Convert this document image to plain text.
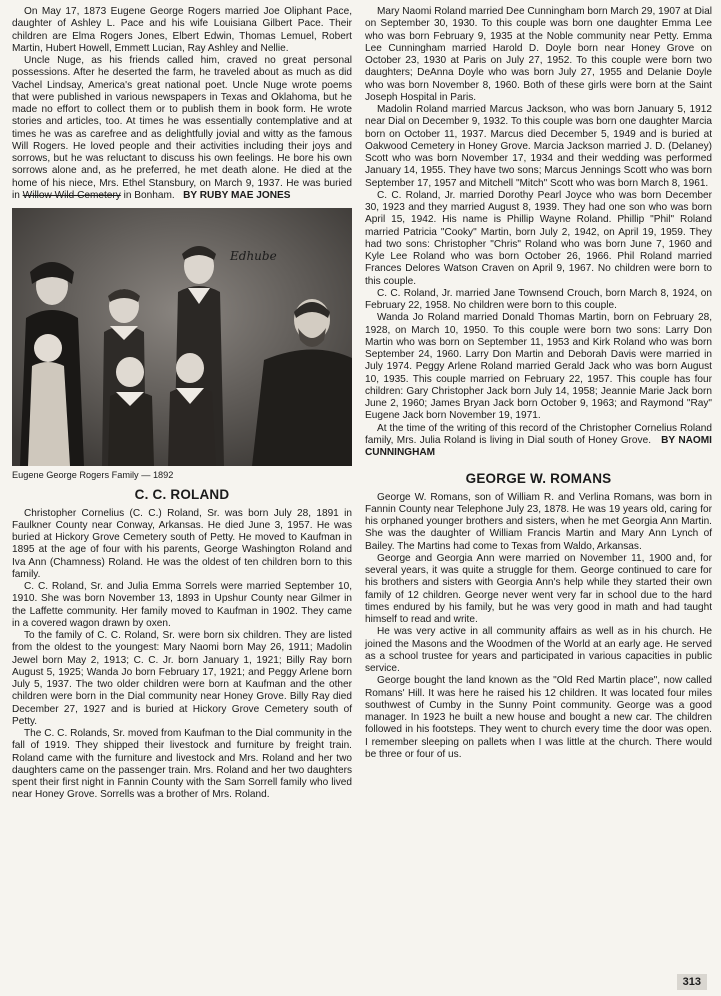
On May 17, 1873 Eugene George Rogers married Joe Oliphant Pace, daughter of Ashley L. Pace and his wife Louisiana Gilbert Pace. Their children are Elma Rogers Jones, Elbert Edwin, Thomas Lemuel, Robert Martin, Hubert Howell, Emmett Lucian, Ray Ashley and Nellie.

Uncle Nuge, as his friends called him, craved no great personal possessions. After he deserted the farm, he traveled about as much as did Vachel Lindsay, America's great national poet. Uncle Nuge wrote poems that were published in various newspapers in Texas and Oklahoma, but he made no effort to collect them or to publish them in book form. He wrote stories and articles, too. At times he was essentially contemplative and at times he was as carefree and as delightfully jovial and witty as the famous Will Rogers. He loved people and their activities including their joys and sorrows, but he was reluctant to discuss his own feelings. He bore his own sorrows alone and, as he preferred, he met death alone. He died at the home of his niece, Mrs. Ethel Stansbury, on March 9, 1937. He was buried in Willow Wild Cemetery in Bonham. BY RUBY MAE JONES

Eugene George Rogers Family — 1892

C. C. ROLAND

Christopher Cornelius (C. C.) Roland, Sr. was born July 28, 1891 in Faulkner County near Conway, Arkansas. He died June 3, 1957. He was buried at Hickory Grove Cemetery south of Petty. He moved to Kaufman in 1895 at the age of four with his parents, George Washington Roland and Iva Ann (Chamness) Roland. He was the oldest of ten children born to this family.

C. C. Roland, Sr. and Julia Emma Sorrels were married September 10, 1910. She was born November 13, 1893 in Upshur County near Gilmer in the Laffette community. Her family moved to Kaufman in 1902. They came in a covered wagon drawn by oxen.

To the family of C. C. Roland, Sr. were born six children. They are listed from the oldest to the youngest: Mary Naomi born May 26, 1911; Madolin Jewel born May 2, 1913; C. C. Jr. born January 1, 1921; Billy Ray born August 5, 1925; Wanda Jo born February 17, 1921; and Peggy Arlene born July 5, 1937. The two older children were born at Kaufman and the other children were born in the Dial community near Honey Grove. Billy Ray died December 27, 1927 and is buried at Hickory Grove Cemetery south of Petty.

The C. C. Rolands, Sr. moved from Kaufman to the Dial community in the fall of 1919. They shipped their livestock and furniture by freight train. Roland came with the furniture and livestock and Mrs. Roland and her two daughters came on the passenger train. Mrs. Roland and her two daughters spent their first night in Fannin County with the Sam Sorrell family who lived near Honey Grove. Sorrells was a brother of Mrs. Roland.

Edhube

Mary Naomi Roland married Dee Cunningham born March 29, 1907 at Dial on September 30, 1930. To this couple was born one daughter Emma Lee who was born February 9, 1935 at the Noble community near Petty. Emma Lee Cunningham married Harold D. Doyle born near Honey Grove on October 23, 1930 at Paris on July 27, 1952. To this couple were born two daughters; DeAnna Doyle who was born July 27, 1955 and Delanie Doyle who was born November 8, 1960. Both of these girls were born at the Saint Joseph Hospital in Paris.

Madolin Roland married Marcus Jackson, who was born January 5, 1912 near Dial on December 9, 1932. To this couple was born one daughter Marcia born on October 11, 1937. Marcus died December 5, 1949 and is buried at Oakwood Cemetery in Honey Grove. Marcia Jackson married J. D. (Delaney) Scott who was born November 17, 1934 and their wedding was performed January 14, 1955. They have two sons; Marcus Jennings Scott who was born September 17, 1957 and Mitchell "Mitch" Scott who was born March 8, 1961.

C. C. Roland, Jr. married Dorothy Pearl Joyce who was born December 30, 1923 and they married August 8, 1939. They had one son who was born April 15, 1942. His name is Phillip Wayne Roland. Phillip "Phil" Roland married Patricia "Cooky" Martin, born July 2, 1942, on April 19, 1959. They had two sons: Christopher "Chris" Roland who was born June 7, 1960 and Kyle Lee Roland who was born October 26, 1966. Phil Roland married Frances Delores Watson Craven on April 9, 1967. No children were born to this couple.

C. C. Roland, Jr. married Jane Townsend Crouch, born March 8, 1924, on February 22, 1958. No children were born to this couple.

Wanda Jo Roland married Donald Thomas Martin, born on February 28, 1928, on March 10, 1950. To this couple were born two sons: Larry Don Martin who was born on September 11, 1953 and Kirk Roland who was born September 24, 1960. Larry Don Martin and Deborah Davis were married in July 1974. Peggy Arlene Roland married Gerald Jack who was born August 10, 1935. This couple married on February 22, 1957. This couple has four children: Gary Christopher Jack born July 14, 1958; Jeannie Marie Jack born June 2, 1960; James Bryan Jack born October 9, 1963; and Raymond "Ray" Eugene Jack born November 19, 1971.

At the time of the writing of this record of the Christopher Cornelius Roland family, Mrs. Julia Roland is living in Dial south of Honey Grove. BY NAOMI CUNNINGHAM

GEORGE W. ROMANS

George W. Romans, son of William R. and Verlina Romans, was born in Fannin County near Telephone July 23, 1878. He was 19 years old, caring for his orphaned younger brothers and sisters, when he met Georgia Ann Martin. She was the daughter of William Francis Martin and Mary Ann Lynch of Bailey. The Martins had come to Texas from Waldo, Arkansas.

George and Georgia Ann were married on November 11, 1900 and, for several years, it was quite a struggle for them. George continued to care for his brothers and sisters with Georgia Ann's help while they started their own family of 12 children. George never went very far in school due to the hard times endured by his family, but he was very good in math and had taught himself to read and write.

He was very active in all community affairs as well as in his church. He joined the Masons and the Woodmen of the World at an early age. He served as a school trustee for years and participated in various capacities in public service.

George bought the land known as the "Old Red Martin place", now called Romans' Hill. It was here he raised his 12 children. It was located four miles southwest of Cumby in the Sunny Point community. George was a good manager. In 1923 he built a new house and bought a new car. The children followed in his footsteps. They went to church every time the door was open. I remember sleeping on pallets when I was little at the church. There would be three or four of us.

313
